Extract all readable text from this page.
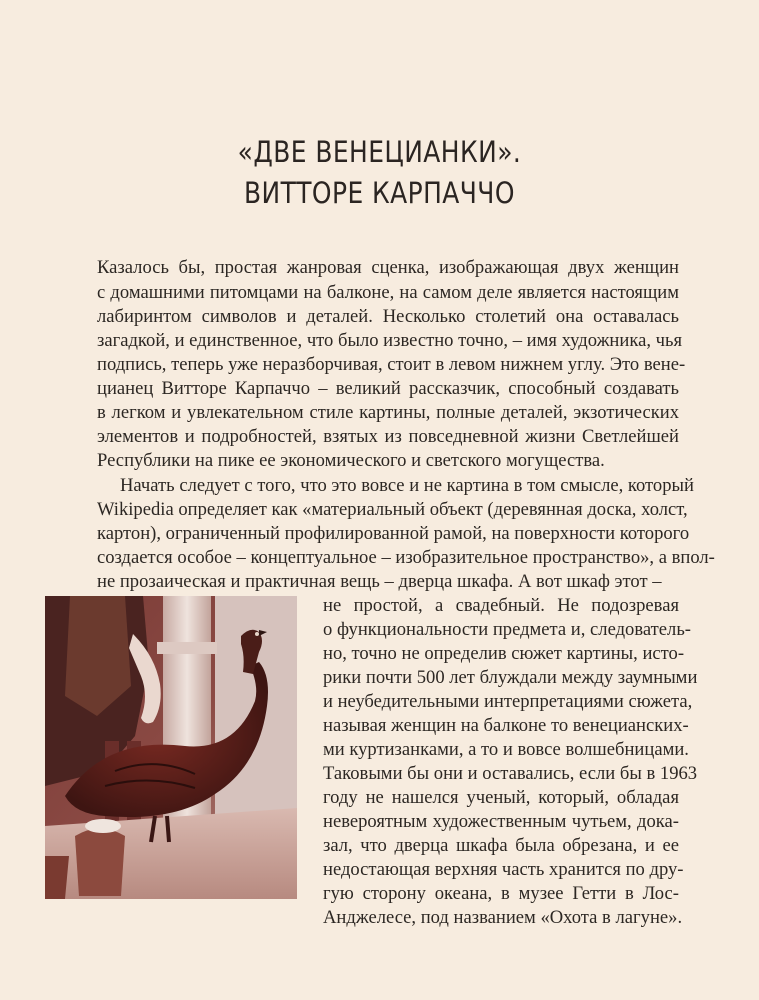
«ДВЕ ВЕНЕЦИАНКИ».
ВИТТОРЕ КАРПАЧЧО
Казалось бы, простая жанровая сценка, изображающая двух женщин
с домашними питомцами на балконе, на самом деле является настоящим
лабиринтом символов и деталей. Несколько столетий она оставалась
загадкой, и единственное, что было известно точно, – имя художника, чья
подпись, теперь уже неразборчивая, стоит в левом нижнем углу. Это вене-
цианец Витторе Карпаччо – великий рассказчик, способный создавать
в легком и увлекательном стиле картины, полные деталей, экзотических
элементов и подробностей, взятых из повседневной жизни Светлейшей
Республики на пике ее экономического и светского могущества.
Начать следует с того, что это вовсе и не картина в том смысле, который
Wikipedia определяет как «материальный объект (деревянная доска, холст,
картон), ограниченный профилированной рамой, на поверхности которого
создается особое – концептуальное – изобразительное пространство», а впол-
не прозаическая и практичная вещь – дверца шкафа. А вот шкаф этот –
не простой, а свадебный. Не подозревая
о функциональности предмета и, следователь-
но, точно не определив сюжет картины, исто-
рики почти 500 лет блуждали между заумными
и неубедительными интерпретациями сюжета,
называя женщин на балконе то венецианских-
ми куртизанками, а то и вовсе волшебницами.
Таковыми бы они и оставались, если бы в 1963
году не нашелся ученый, который, обладая
невероятным художественным чутьем, дока-
зал, что дверца шкафа была обрезана, и ее
недостающая верхняя часть хранится по дру-
гую сторону океана, в музее Гетти в Лос-
Анджелесе, под названием «Охота в лагуне».
